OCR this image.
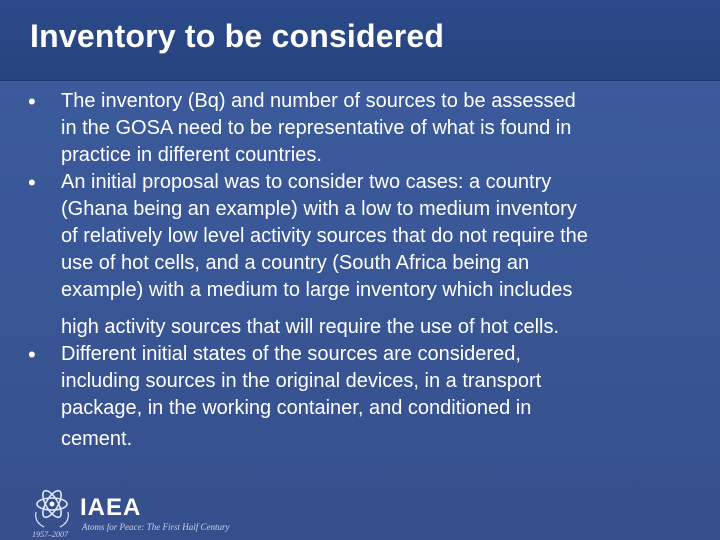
Inventory to be considered
• The inventory (Bq) and number of sources to be assessed
in the GOSA need to be representative of what is found in
practice in different countries.
• An initial proposal was to consider two cases: a country
(Ghana being an example) with a low to medium inventory
of relatively low level activity sources that do not require the
use of hot cells, and a country (South Africa being an
example) with a medium to large inventory which includes
high activity sources that will require the use of hot cells.
• Different initial states of the sources are considered,
including sources in the original devices, in a transport
package, in the working container, and conditioned in
cement.
IAEA
Atoms for Peace: The First Half Century
1957–2007
